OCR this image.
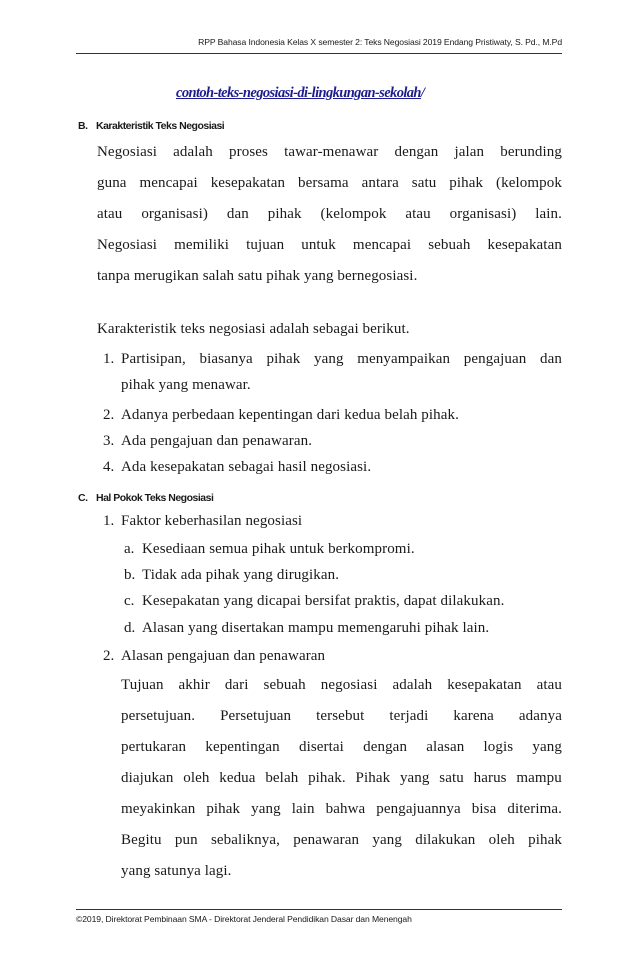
RPP Bahasa Indonesia Kelas X semester 2: Teks Negosiasi 2019 Endang Pristiwaty, S. Pd., M.Pd
contoh-teks-negosiasi-di-lingkungan-sekolah/
B. Karakteristik Teks Negosiasi
Negosiasi adalah proses tawar-menawar dengan jalan berunding
guna mencapai kesepakatan bersama antara satu pihak (kelompok
atau organisasi) dan pihak (kelompok atau organisasi) lain.
Negosiasi memiliki tujuan untuk mencapai sebuah kesepakatan
tanpa merugikan salah satu pihak yang bernegosiasi.
Karakteristik teks negosiasi adalah sebagai berikut.
1. Partisipan, biasanya pihak yang menyampaikan pengajuan dan
pihak yang menawar.
2. Adanya perbedaan kepentingan dari kedua belah pihak.
3. Ada pengajuan dan penawaran.
4. Ada kesepakatan sebagai hasil negosiasi.
C. Hal Pokok Teks Negosiasi
1. Faktor keberhasilan negosiasi
a. Kesediaan semua pihak untuk berkompromi.
b. Tidak ada pihak yang dirugikan.
c. Kesepakatan yang dicapai bersifat praktis, dapat dilakukan.
d. Alasan yang disertakan mampu memengaruhi pihak lain.
2. Alasan pengajuan dan penawaran
Tujuan akhir dari sebuah negosiasi adalah kesepakatan atau
persetujuan. Persetujuan tersebut terjadi karena adanya
pertukaran kepentingan disertai dengan alasan logis yang
diajukan oleh kedua belah pihak. Pihak yang satu harus mampu
meyakinkan pihak yang lain bahwa pengajuannya bisa diterima.
Begitu pun sebaliknya, penawaran yang dilakukan oleh pihak
yang satunya lagi.
©2019, Direktorat Pembinaan SMA - Direktorat Jenderal Pendidikan Dasar dan Menengah
